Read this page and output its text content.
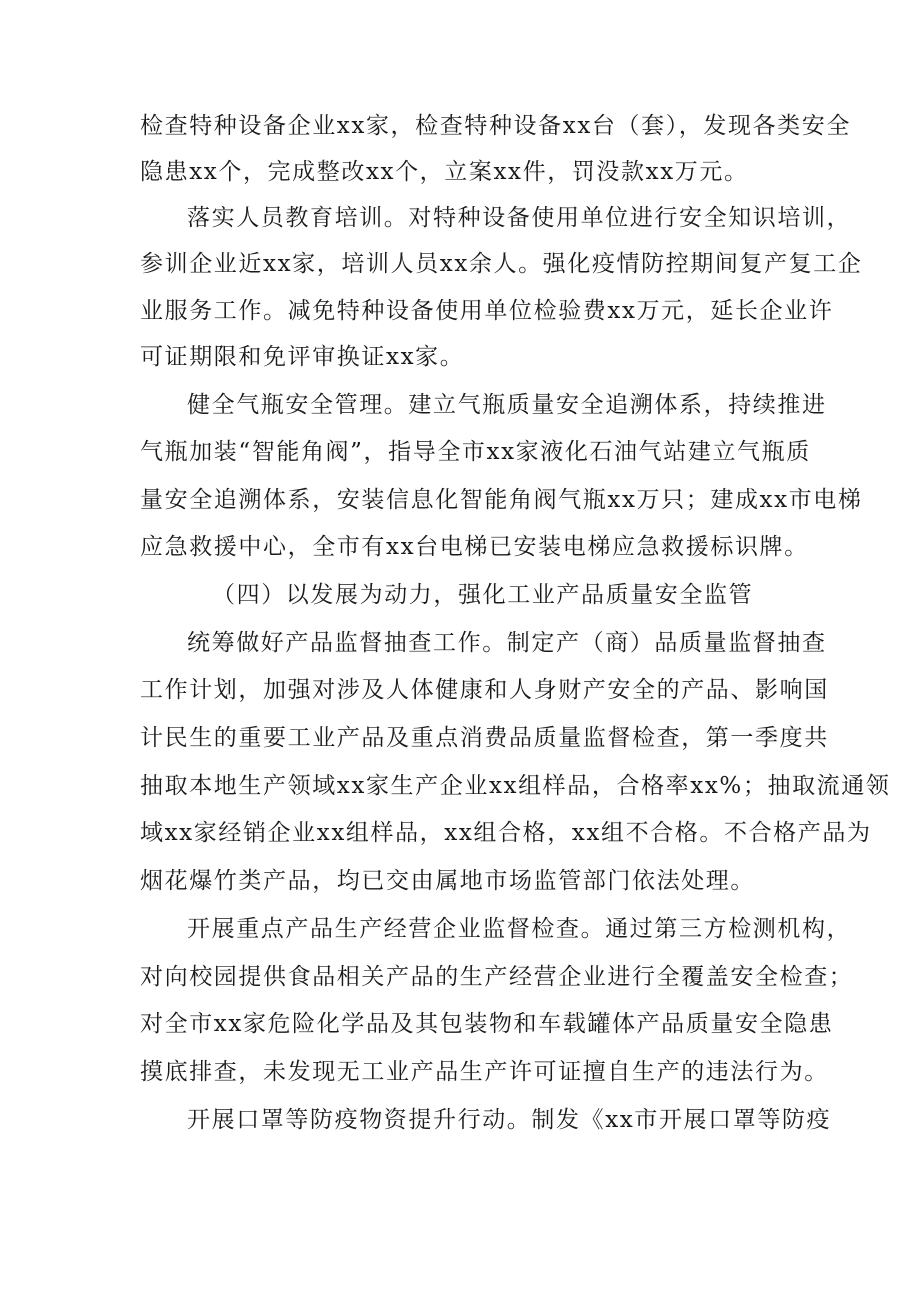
检查特种设备企业xx家，检查特种设备xx台（套），发现各类安全
隐患xx个，完成整改xx个，立案xx件，罚没款xx万元。
落实人员教育培训。对特种设备使用单位进行安全知识培训，
参训企业近xx家，培训人员xx余人。强化疫情防控期间复产复工企
业服务工作。减免特种设备使用单位检验费xx万元，延长企业许
可证期限和免评审换证xx家。
健全气瓶安全管理。建立气瓶质量安全追溯体系，持续推进
气瓶加装“智能角阀”，指导全市xx家液化石油气站建立气瓶质
量安全追溯体系，安装信息化智能角阀气瓶xx万只；建成xx市电梯
应急救援中心，全市有xx台电梯已安装电梯应急救援标识牌。
（四）以发展为动力，强化工业产品质量安全监管
统筹做好产品监督抽查工作。制定产（商）品质量监督抽查
工作计划，加强对涉及人体健康和人身财产安全的产品、影响国
计民生的重要工业产品及重点消费品质量监督检查，第一季度共
抽取本地生产领域xx家生产企业xx组样品，合格率xx%；抽取流通领
域xx家经销企业xx组样品，xx组合格，xx组不合格。不合格产品为
烟花爆竹类产品，均已交由属地市场监管部门依法处理。
开展重点产品生产经营企业监督检查。通过第三方检测机构，
对向校园提供食品相关产品的生产经营企业进行全覆盖安全检查；
对全市xx家危险化学品及其包装物和车载罐体产品质量安全隐患
摸底排查，未发现无工业产品生产许可证擅自生产的违法行为。
开展口罩等防疫物资提升行动。制发《xx市开展口罩等防疫
